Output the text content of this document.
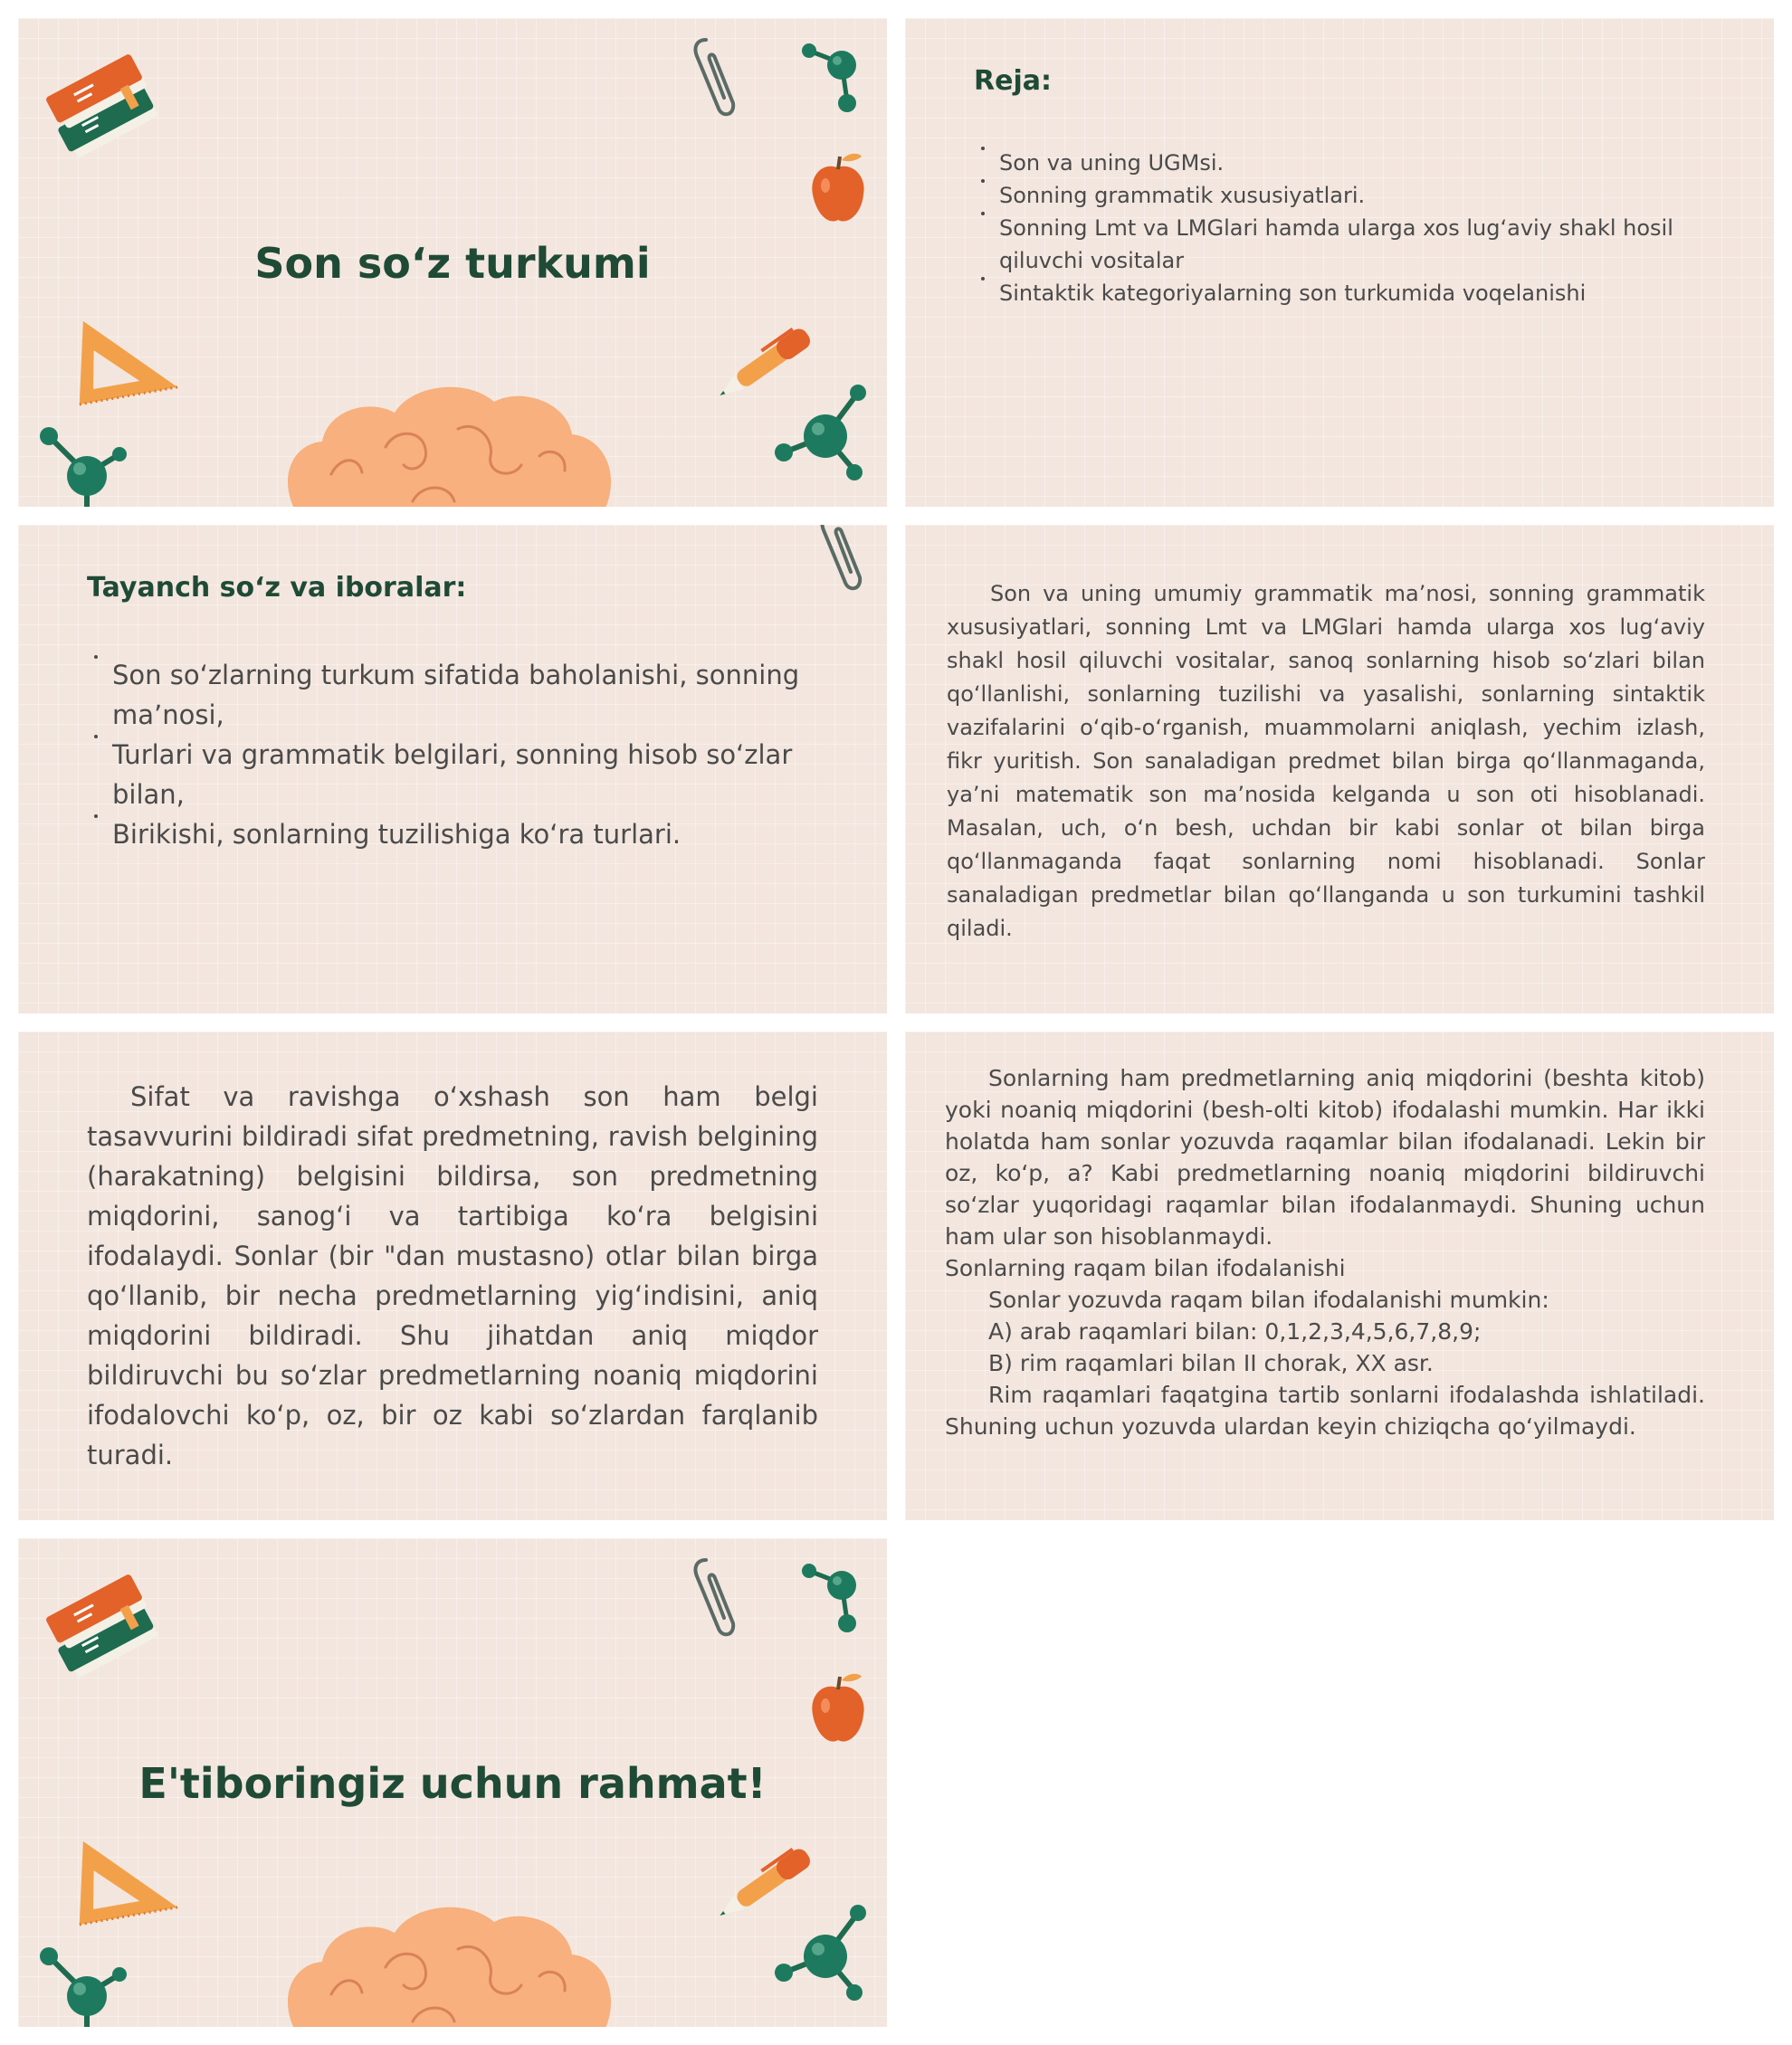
Son so‘z turkumi
Reja:
Son va uning UGMsi.
Sonning grammatik xususiyatlari.
Sonning Lmt va LMGlari hamda ularga xos lug‘aviy shakl hosil qiluvchi vositalar
Sintaktik kategoriyalarning son turkumida voqelanishi
Tayanch so‘z va iboralar:
Son so‘zlarning turkum sifatida baholanishi, sonning ma’nosi,
Turlari va grammatik belgilari, sonning hisob so‘zlar bilan,
Birikishi, sonlarning tuzilishiga ko‘ra turlari.

Son va uning umumiy grammatik ma’nosi, sonning grammatik xususiyatlari, sonning Lmt va LMGlari hamda ularga xos lug‘aviy shakl hosil qiluvchi vositalar, sanoq sonlarning hisob so‘zlari bilan qo‘llanlishi, sonlarning tuzilishi va yasalishi, sonlarning sintaktik vazifalarini o‘qib-o‘rganish, muammolarni aniqlash, yechim izlash, fikr yuritish. Son sanaladigan predmet bilan birga qo‘llanmaganda, ya’ni matematik son ma’nosida kelganda u son oti hisoblanadi. Masalan, uch, o‘n besh, uchdan bir kabi sonlar ot bilan birga qo‘llanmaganda faqat sonlarning nomi hisoblanadi. Sonlar sanaladigan predmetlar bilan qo‘llanganda u son turkumini tashkil qiladi.

Sifat va ravishga o‘xshash son ham belgi tasavvurini bildiradi sifat predmetning, ravish belgining (harakatning) belgisini bildirsa, son predmetning miqdorini, sanog‘i va tartibiga ko‘ra belgisini ifodalaydi. Sonlar (bir "dan mustasno) otlar bilan birga qo‘llanib, bir necha predmetlarning yig‘indisini, aniq miqdorini bildiradi. Shu jihatdan aniq miqdor bildiruvchi bu so‘zlar predmetlarning noaniq miqdorini ifodalovchi ko‘p, oz, bir oz kabi so‘zlardan farqlanib turadi.

Sonlarning ham predmetlarning aniq miqdorini (beshta kitob) yoki noaniq miqdorini (besh-olti kitob) ifodalashi mumkin. Har ikki holatda ham sonlar yozuvda raqamlar bilan ifodalanadi. Lekin bir oz, ko‘p, a? Kabi predmetlarning noaniq miqdorini bildiruvchi so‘zlar yuqoridagi raqamlar bilan ifodalanmaydi. Shuning uchun ham ular son hisoblanmaydi.

Sonlarning raqam bilan ifodalanishi

Sonlar yozuvda raqam bilan ifodalanishi mumkin:

A) arab raqamlari bilan: 0,1,2,3,4,5,6,7,8,9;

B) rim raqamlari bilan II chorak, XX asr.

Rim raqamlari faqatgina tartib sonlarni ifodalashda ishlatiladi. Shuning uchun yozuvda ulardan keyin chiziqcha qo‘yilmaydi.

E'tiboringiz uchun rahmat!
